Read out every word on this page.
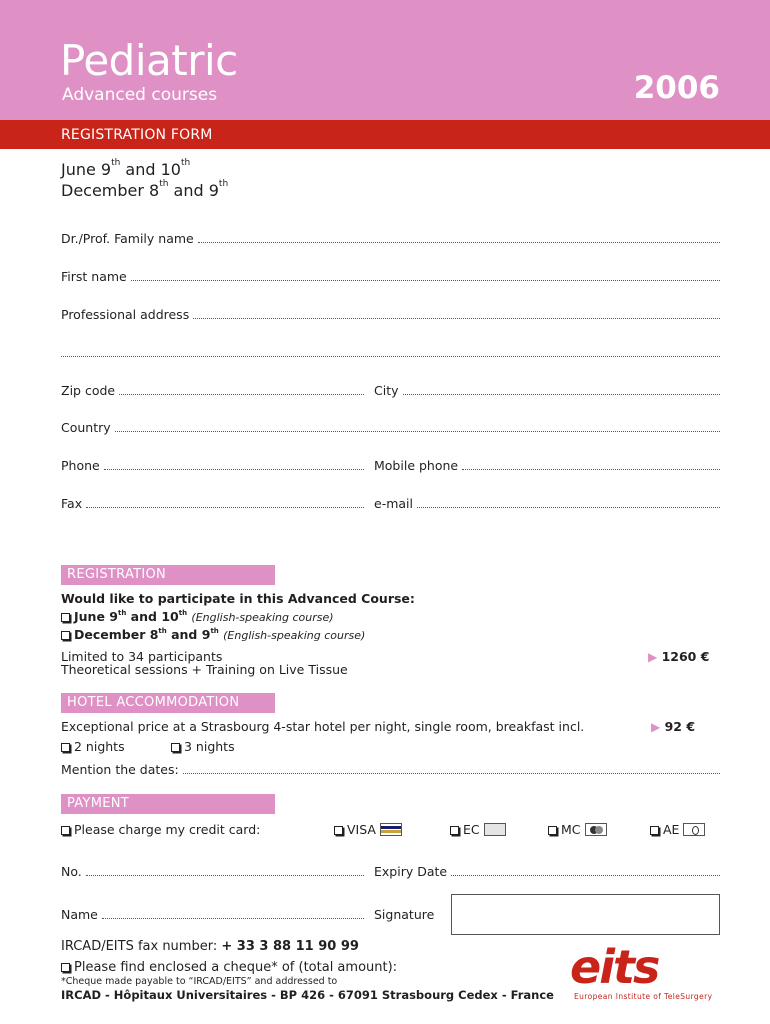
Pediatric
Advanced courses	2006
REGISTRATION FORM
June 9th and 10th
December 8th and 9th
Dr./Prof. Family name
First name
Professional address
Zip code	City
Country
Phone	Mobile phone
Fax	e-mail
REGISTRATION
Would like to participate in this Advanced Course:
June 9th and 10th (English-speaking course)
December 8th and 9th (English-speaking course)
Limited to 34 participants
Theoretical sessions + Training on Live Tissue
▶ 1260 €
HOTEL ACCOMMODATION
Exceptional price at a Strasbourg 4-star hotel per night, single room, breakfast incl.	▶ 92 €
2 nights	3 nights
Mention the dates:
PAYMENT
Please charge my credit card:	VISA	EC	MC	AE
No.	Expiry Date
Name	Signature
IRCAD/EITS fax number: + 33 3 88 11 90 99
Please find enclosed a cheque* of (total amount):
*Cheque made payable to “IRCAD/EITS” and addressed to
IRCAD - Hôpitaux Universitaires - BP 426 - 67091 Strasbourg Cedex - France
eits
European Institute of TeleSurgery
